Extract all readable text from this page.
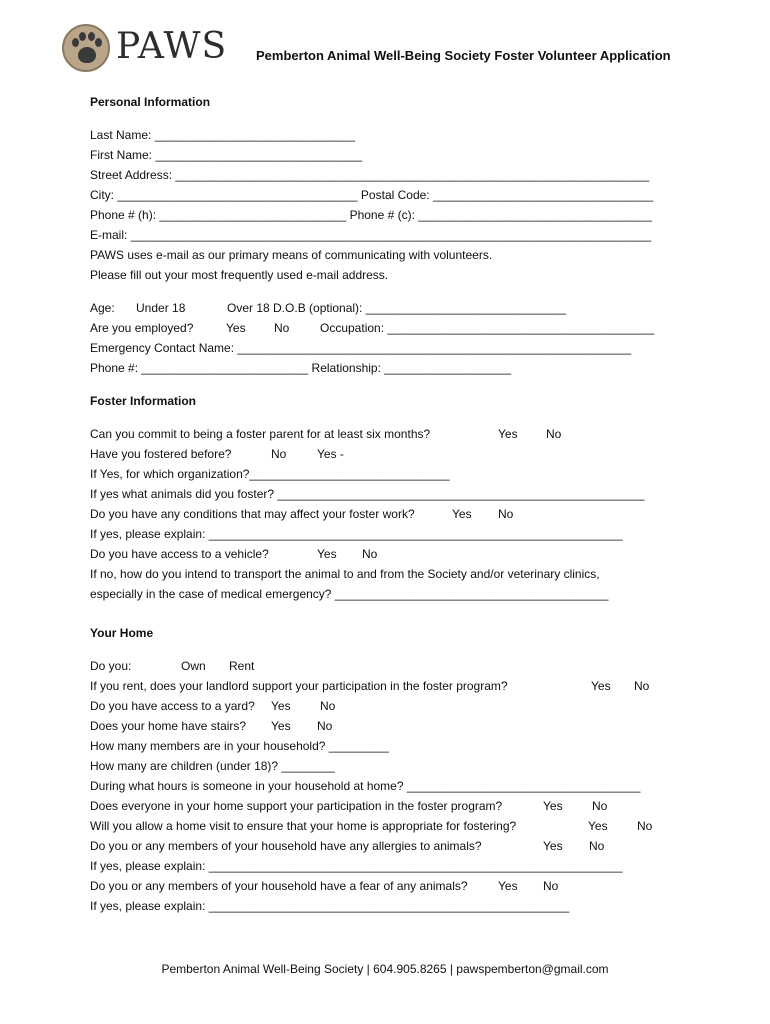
PAWS Pemberton Animal Well-Being Society Foster Volunteer Application
Personal Information
Last Name: ______________________________
First Name: _______________________________
Street Address: _______________________________________________________________________
City: ____________________________________ Postal Code: _________________________________
Phone # (h): ____________________________ Phone # (c): ___________________________________
E-mail: ______________________________________________________________________________
PAWS uses e-mail as our primary means of communicating with volunteers.
Please fill out your most frequently used e-mail address.
Age: Under 18	Over 18 D.O.B (optional): ______________________________
Are you employed?	Yes No	Occupation: ________________________________________
Emergency Contact Name: ___________________________________________________________
Phone #: _________________________ Relationship: ___________________
Foster Information
Can you commit to being a foster parent for at least six months?	Yes No
Have you fostered before?	No	Yes -
If Yes, for which organization?______________________________
If yes what animals did you foster? _______________________________________________________
Do you have any conditions that may affect your foster work?	Yes No
If yes, please explain: ______________________________________________________________
Do you have access to a vehicle?	Yes No
If no, how do you intend to transport the animal to and from the Society and/or veterinary clinics,
especially in the case of medical emergency? _________________________________________
Your Home
Do you:	Own Rent
If you rent, does your landlord support your participation in the foster program?	Yes No
Do you have access to a yard? Yes No
Does your home have stairs? Yes No
How many members are in your household? _________
How many are children (under 18)? ________
During what hours is someone in your household at home? ___________________________________
Does everyone in your home support your participation in the foster program?	Yes No
Will you allow a home visit to ensure that your home is appropriate for fostering?	Yes No
Do you or any members of your household have any allergies to animals?	Yes No
If yes, please explain: ______________________________________________________________
Do you or any members of your household have a fear of any animals?	Yes No
If yes, please explain: ______________________________________________________
Pemberton Animal Well-Being Society | 604.905.8265 | pawspemberton@gmail.com
